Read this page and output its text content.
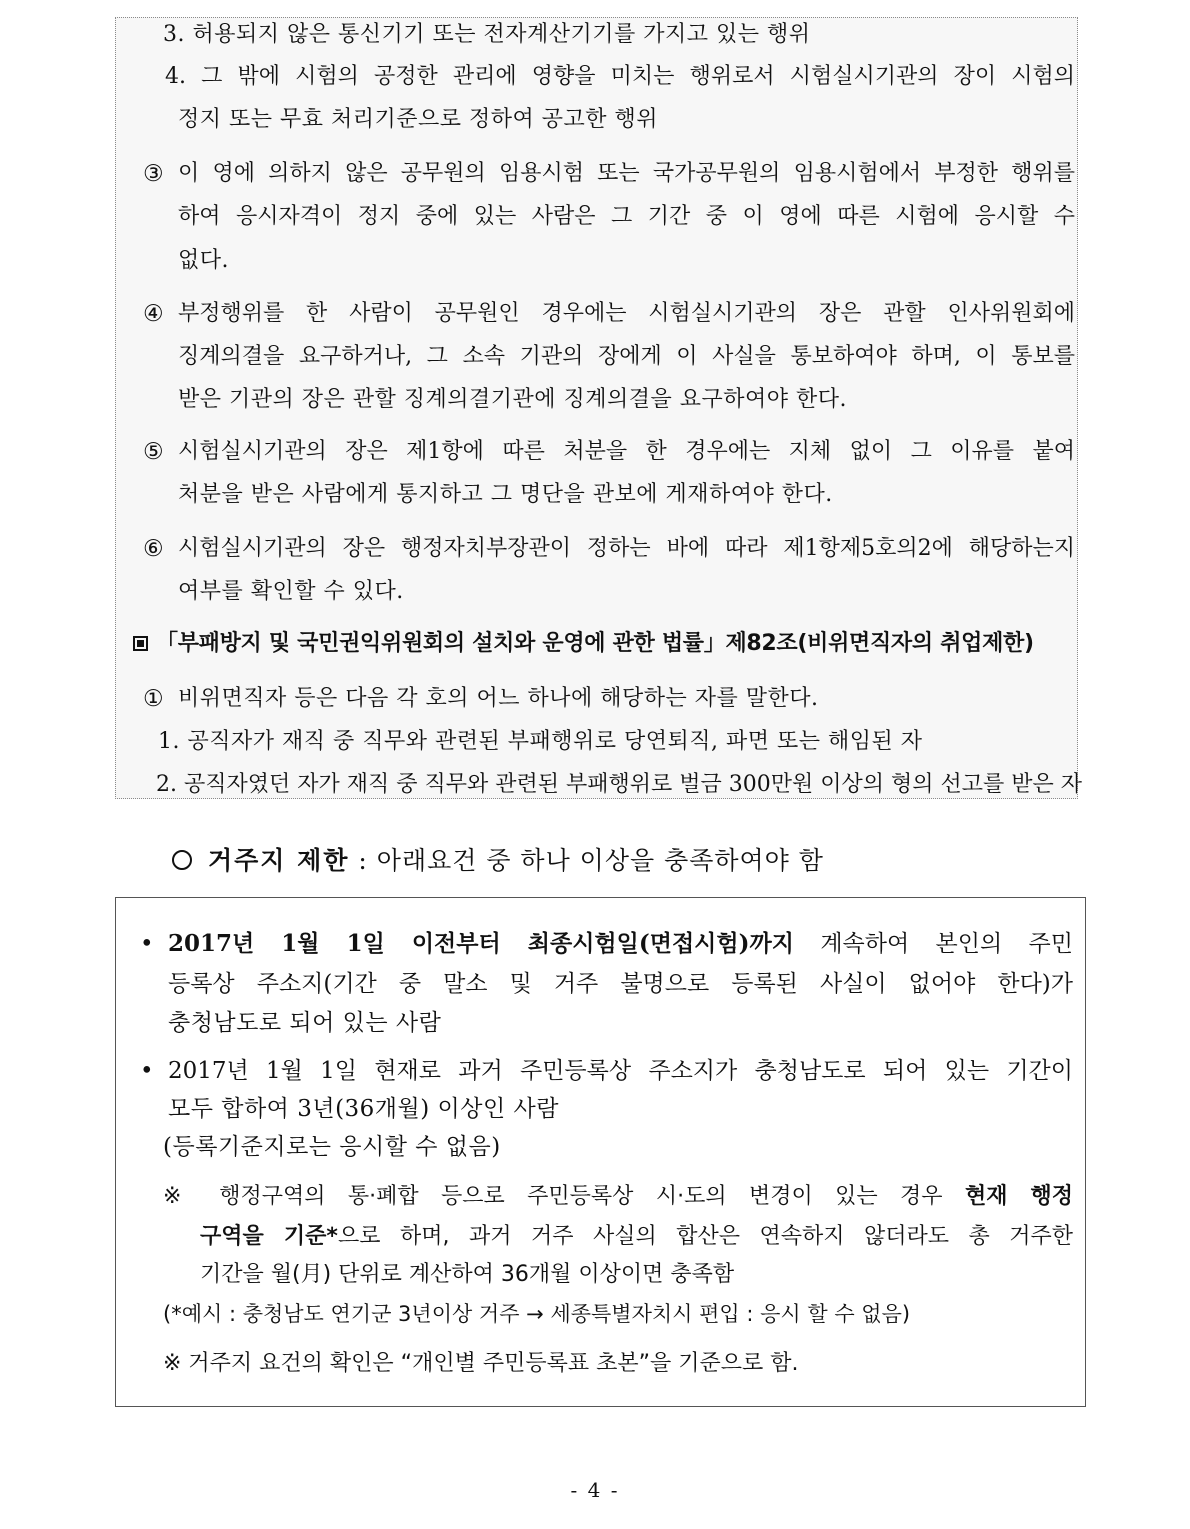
3. 허용되지 않은 통신기기 또는 전자계산기기를 가지고 있는 행위
4. 그 밖에 시험의 공정한 관리에 영향을 미치는 행위로서 시험실시기관의 장이 시험의
정지 또는 무효 처리기준으로 정하여 공고한 행위
③ 이 영에 의하지 않은 공무원의 임용시험 또는 국가공무원의 임용시험에서 부정한 행위를
하여 응시자격이 정지 중에 있는 사람은 그 기간 중 이 영에 따른 시험에 응시할 수
없다.
④ 부정행위를 한 사람이 공무원인 경우에는 시험실시기관의 장은 관할 인사위원회에
징계의결을 요구하거나, 그 소속 기관의 장에게 이 사실을 통보하여야 하며, 이 통보를
받은 기관의 장은 관할 징계의결기관에 징계의결을 요구하여야 한다.
⑤ 시험실시기관의 장은 제1항에 따른 처분을 한 경우에는 지체 없이 그 이유를 붙여
처분을 받은 사람에게 통지하고 그 명단을 관보에 게재하여야 한다.
⑥ 시험실시기관의 장은 행정자치부장관이 정하는 바에 따라 제1항제5호의2에 해당하는지
여부를 확인할 수 있다.
「부패방지 및 국민권익위원회의 설치와 운영에 관한 법률」제82조(비위면직자의 취업제한)
① 비위면직자 등은 다음 각 호의 어느 하나에 해당하는 자를 말한다.
1. 공직자가 재직 중 직무와 관련된 부패행위로 당연퇴직, 파면 또는 해임된 자
2. 공직자였던 자가 재직 중 직무와 관련된 부패행위로 벌금 300만원 이상의 형의 선고를 받은 자
거주지 제한 : 아래요건 중 하나 이상을 충족하여야 함
• 2017년 1월 1일 이전부터 최종시험일(면접시험)까지 계속하여 본인의 주민
등록상 주소지(기간 중 말소 및 거주 불명으로 등록된 사실이 없어야 한다)가
충청남도로 되어 있는 사람
• 2017년 1월 1일 현재로 과거 주민등록상 주소지가 충청남도로 되어 있는 기간이
모두 합하여 3년(36개월) 이상인 사람
(등록기준지로는 응시할 수 없음)
※ 행정구역의 통·폐합 등으로 주민등록상 시·도의 변경이 있는 경우 현재 행정
구역을 기준*으로 하며, 과거 거주 사실의 합산은 연속하지 않더라도 총 거주한
기간을 월(月) 단위로 계산하여 36개월 이상이면 충족함
(*예시 : 충청남도 연기군 3년이상 거주 → 세종특별자치시 편입 : 응시 할 수 없음)
※ 거주지 요건의 확인은 “개인별 주민등록표 초본”을 기준으로 함.
- 4 -
